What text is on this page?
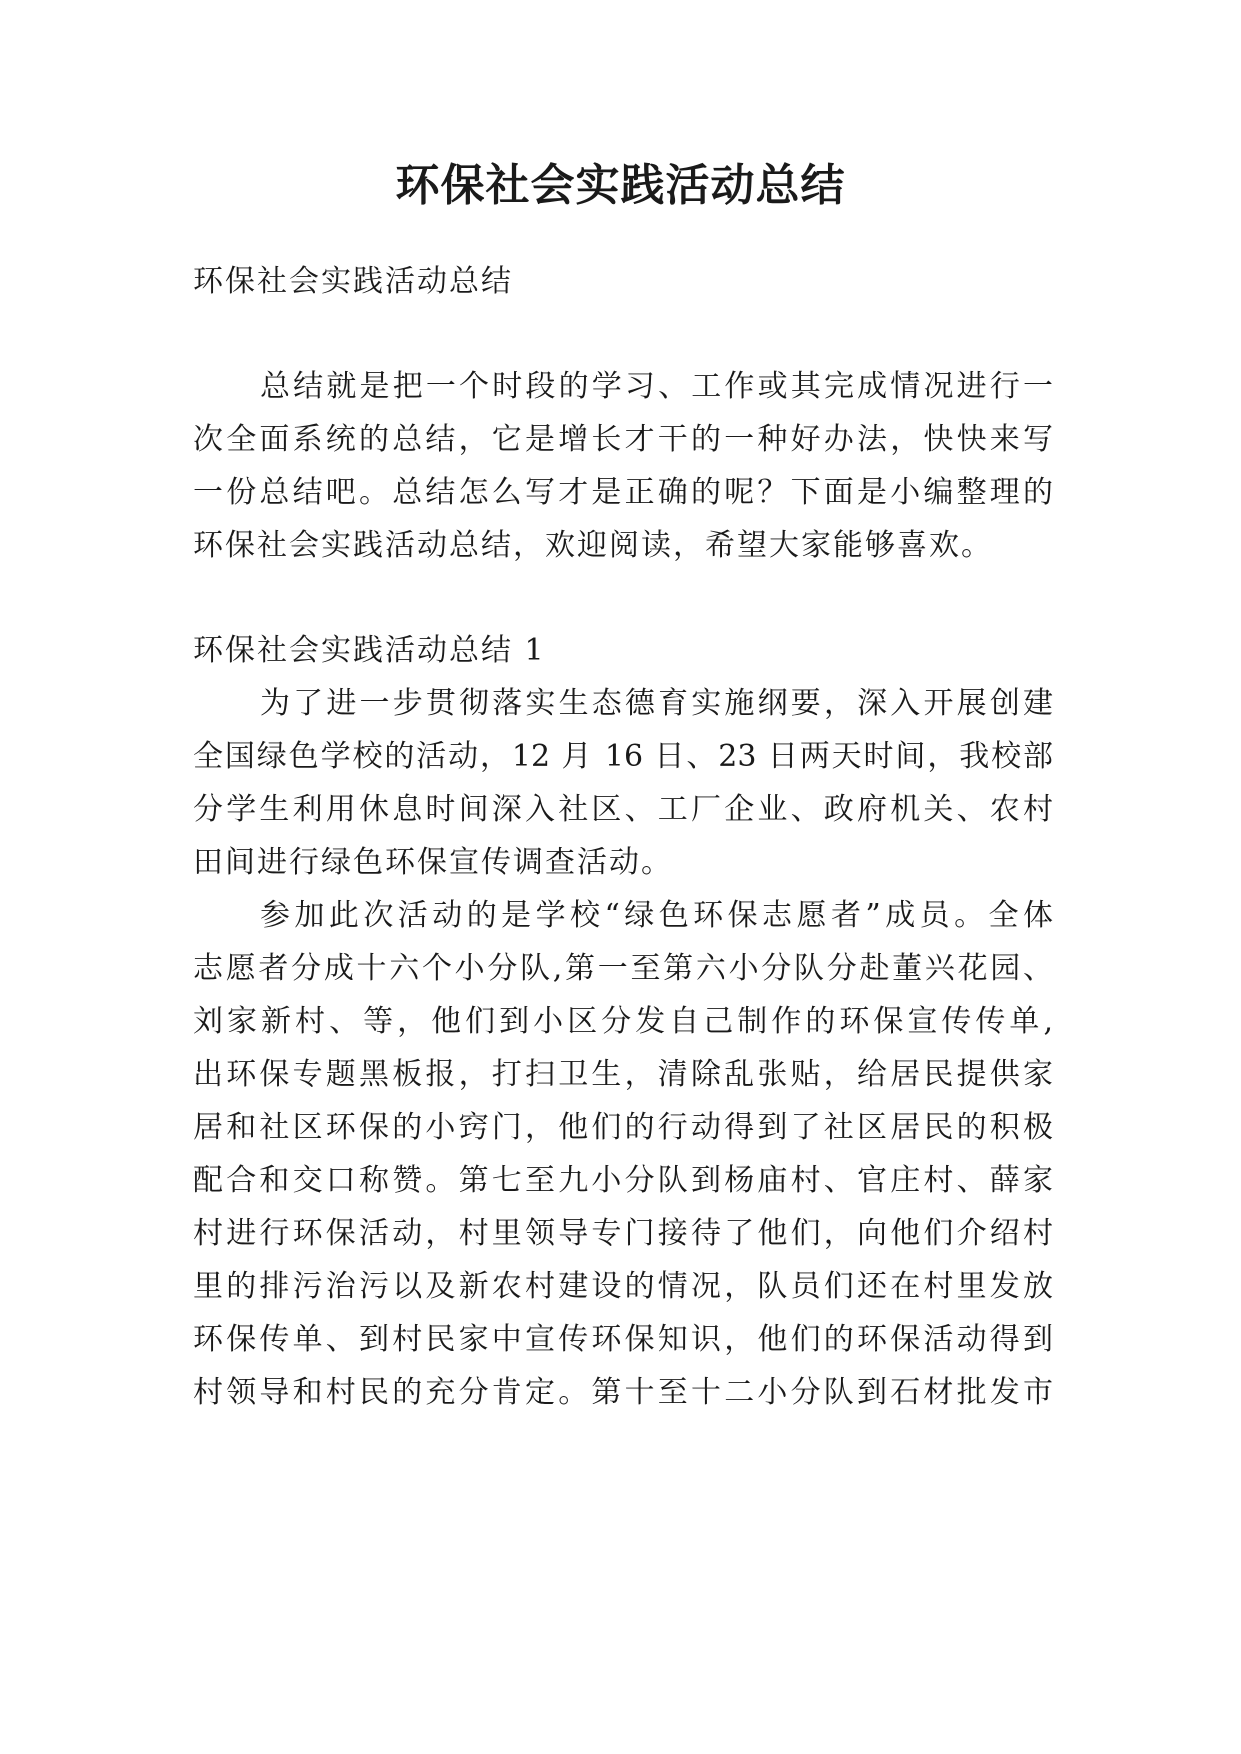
环保社会实践活动总结
环保社会实践活动总结
总结就是把一个时段的学习、工作或其完成情况进行一
次全面系统的总结，它是增长才干的一种好办法，快快来写
一份总结吧。总结怎么写才是正确的呢？下面是小编整理的
环保社会实践活动总结，欢迎阅读，希望大家能够喜欢。
环保社会实践活动总结 1
为了进一步贯彻落实生态德育实施纲要，深入开展创建
全国绿色学校的活动，12 月 16 日、23 日两天时间，我校部
分学生利用休息时间深入社区、工厂企业、政府机关、农村
田间进行绿色环保宣传调查活动。
参加此次活动的是学校“绿色环保志愿者”成员。全体
志愿者分成十六个小分队,第一至第六小分队分赴董兴花园、
刘家新村、等，他们到小区分发自己制作的环保宣传传单,
出环保专题黑板报，打扫卫生，清除乱张贴，给居民提供家
居和社区环保的小窍门，他们的行动得到了社区居民的积极
配合和交口称赞。第七至九小分队到杨庙村、官庄村、薛家
村进行环保活动，村里领导专门接待了他们，向他们介绍村
里的排污治污以及新农村建设的情况，队员们还在村里发放
环保传单、到村民家中宣传环保知识，他们的环保活动得到
村领导和村民的充分肯定。第十至十二小分队到石材批发市
